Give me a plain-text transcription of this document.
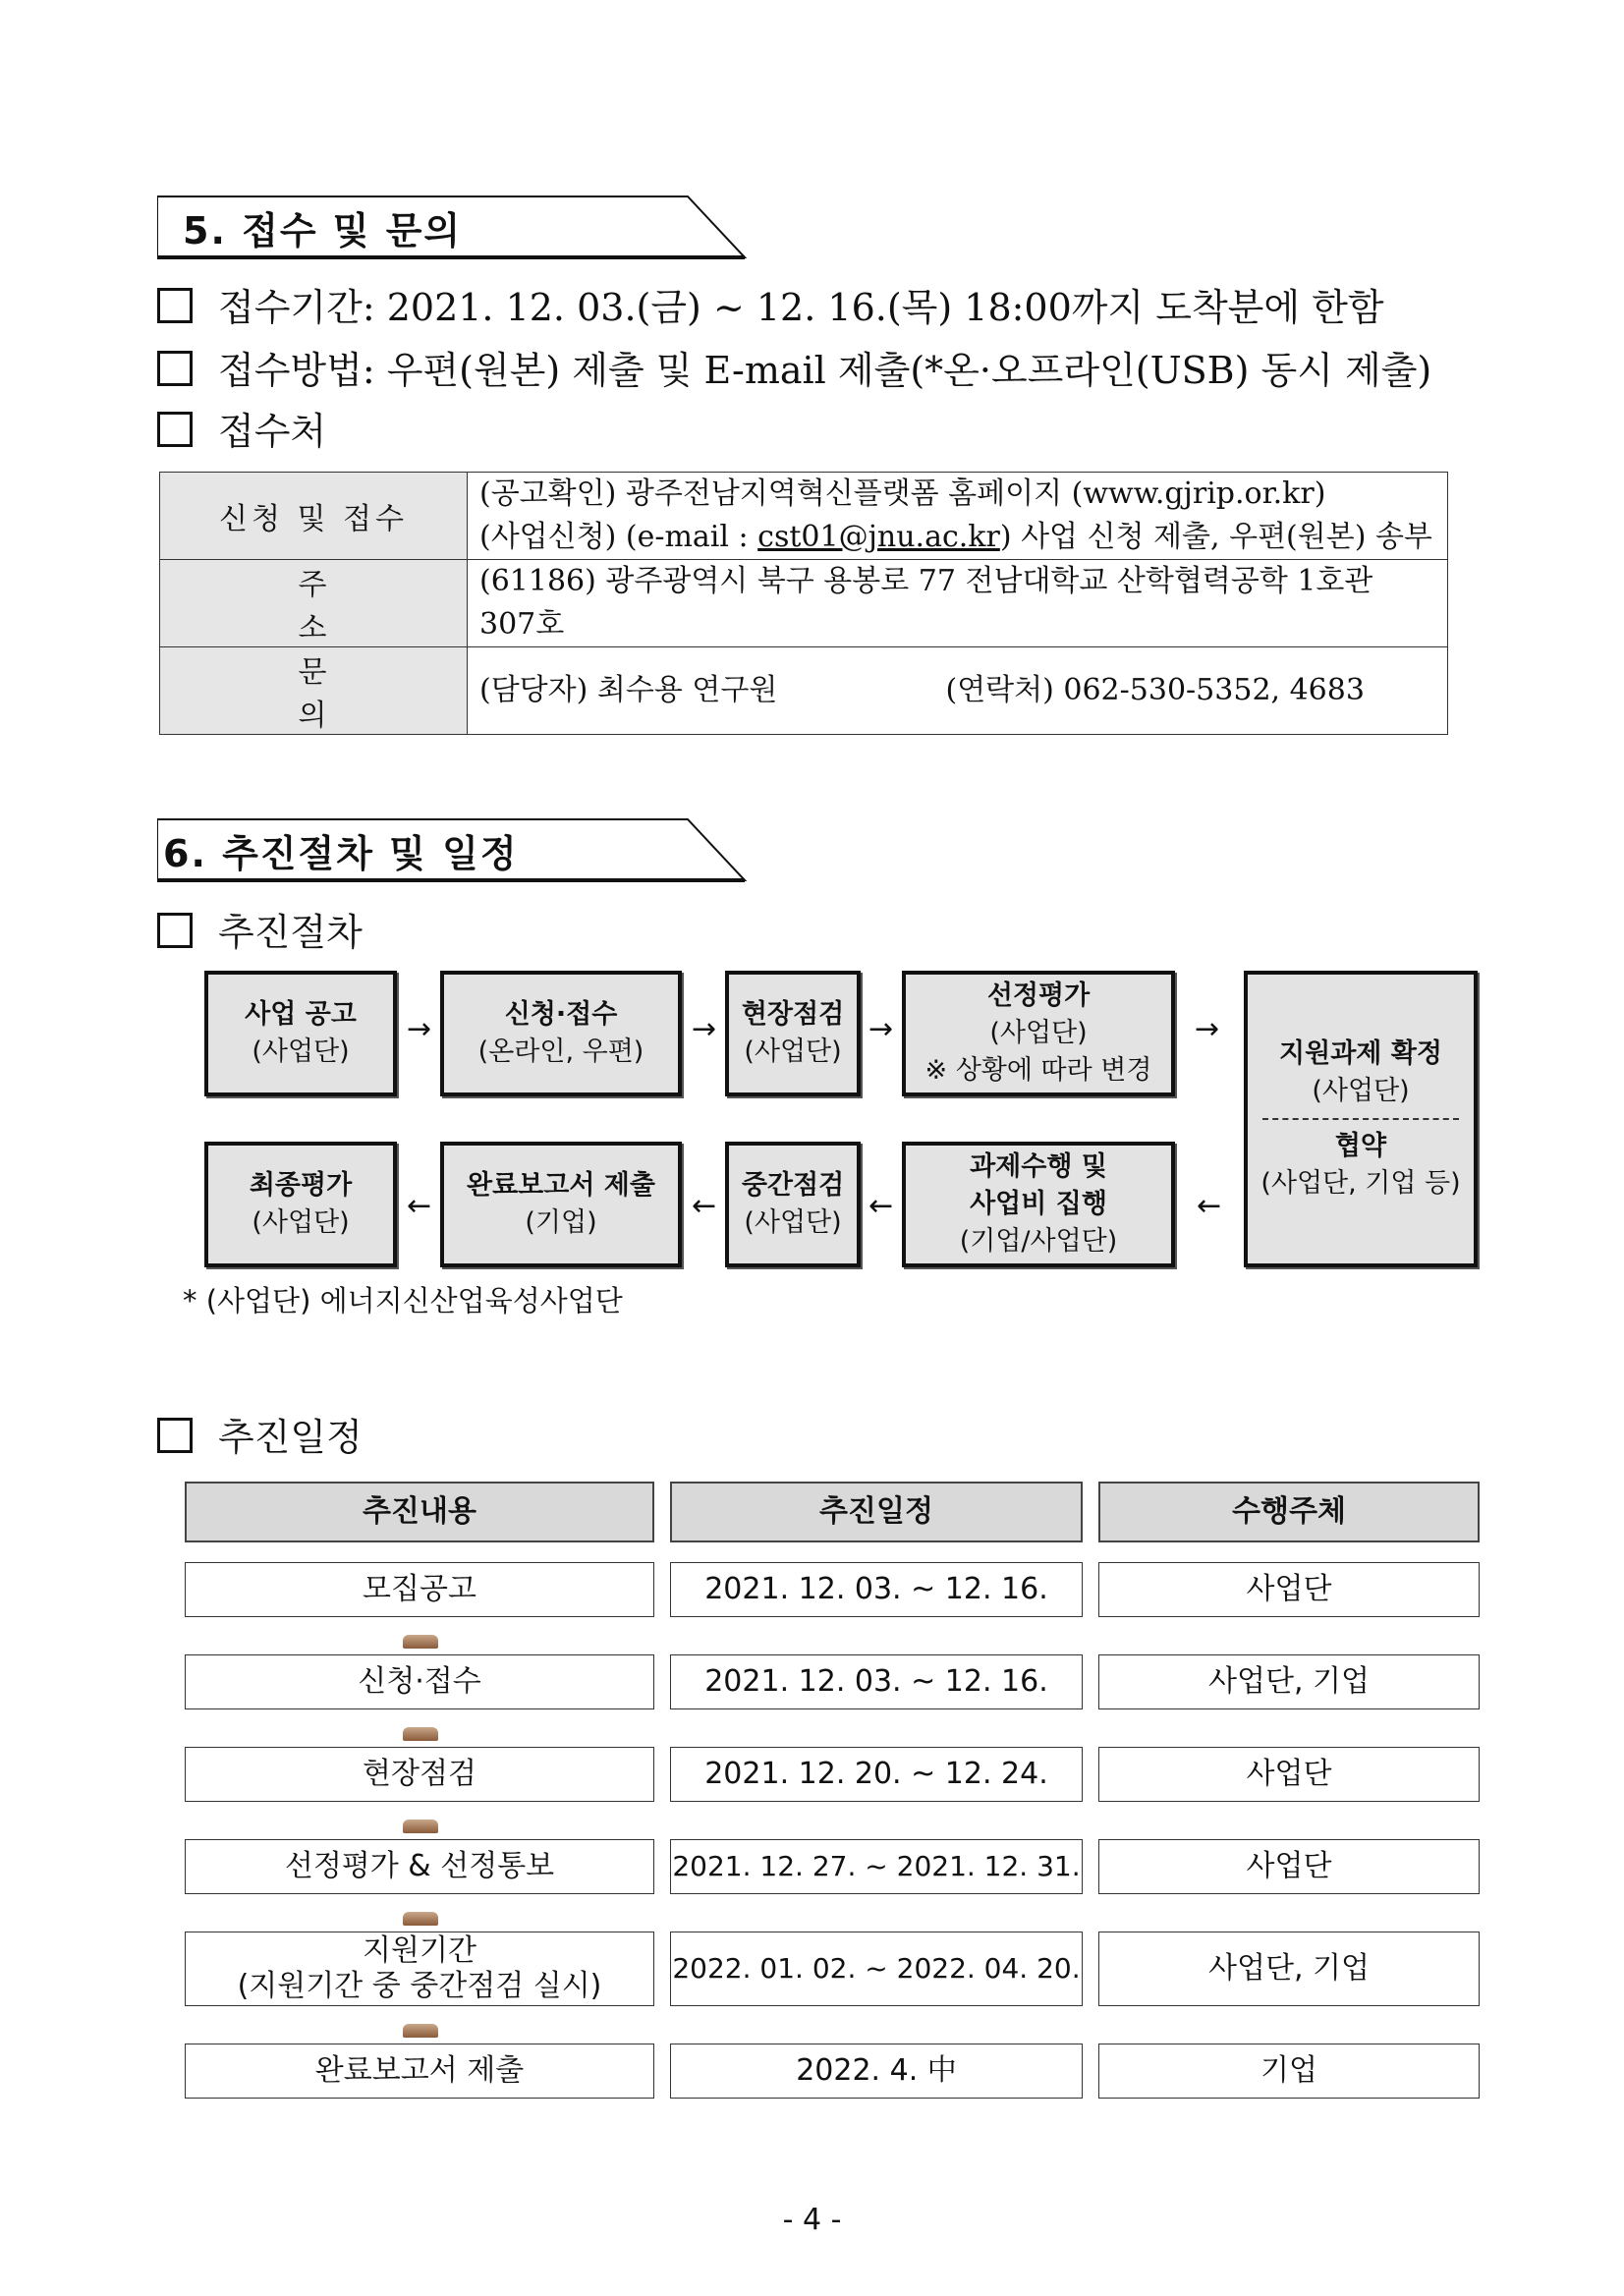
5. 접수 및 문의
접수기간: 2021. 12. 03.(금) ~ 12. 16.(목) 18:00까지 도착분에 한함
접수방법: 우편(원본) 제출 및 E-mail 제출(*온·오프라인(USB) 동시 제출)
접수처
신청 및 접수	(공고확인) 광주전남지역혁신플랫폼 홈페이지 (www.gjrip.or.kr)
(사업신청) (e-mail : cst01@jnu.ac.kr) 사업 신청 제출, 우편(원본) 송부

주 소	(61186) 광주광역시 북구 용봉로 77 전남대학교 산학협력공학 1호관 307호
문 의	(담당자) 최수용 연구원 (연락처) 062-530-5352, 4683
6. 추진절차 및 일정
추진절차
사업 공고
(사업단)
→	신청·접수
(온라인, 우편)
→ 현장점검
(사업단)
→
선정평가
(사업단)
※ 상황에 따라 변경
→
지원과제 확정
(사업단)
협약
(사업단, 기업 등)
←
과제수행 및
사업비 집행
(기업/사업단)
←
중간점검
(사업단)
←
완료보고서 제출
(기업)
←
최종평가
(사업단)
* (사업단) 에너지신산업육성사업단
추진일정
추진내용	추진일정	수행주체
모집공고	2021. 12. 03. ~ 12. 16.	사업단
신청·접수	2021. 12. 03. ~ 12. 16.	사업단, 기업
현장점검	2021. 12. 20. ~ 12. 24.	사업단
선정평가 & 선정통보	2021. 12. 27. ~ 2021. 12. 31.	사업단
지원기간
(지원기간 중 중간점검 실시)
2022. 01. 02. ~ 2022. 04. 20.	사업단, 기업
완료보고서 제출	2022. 4. 中	기업
- 4 -
